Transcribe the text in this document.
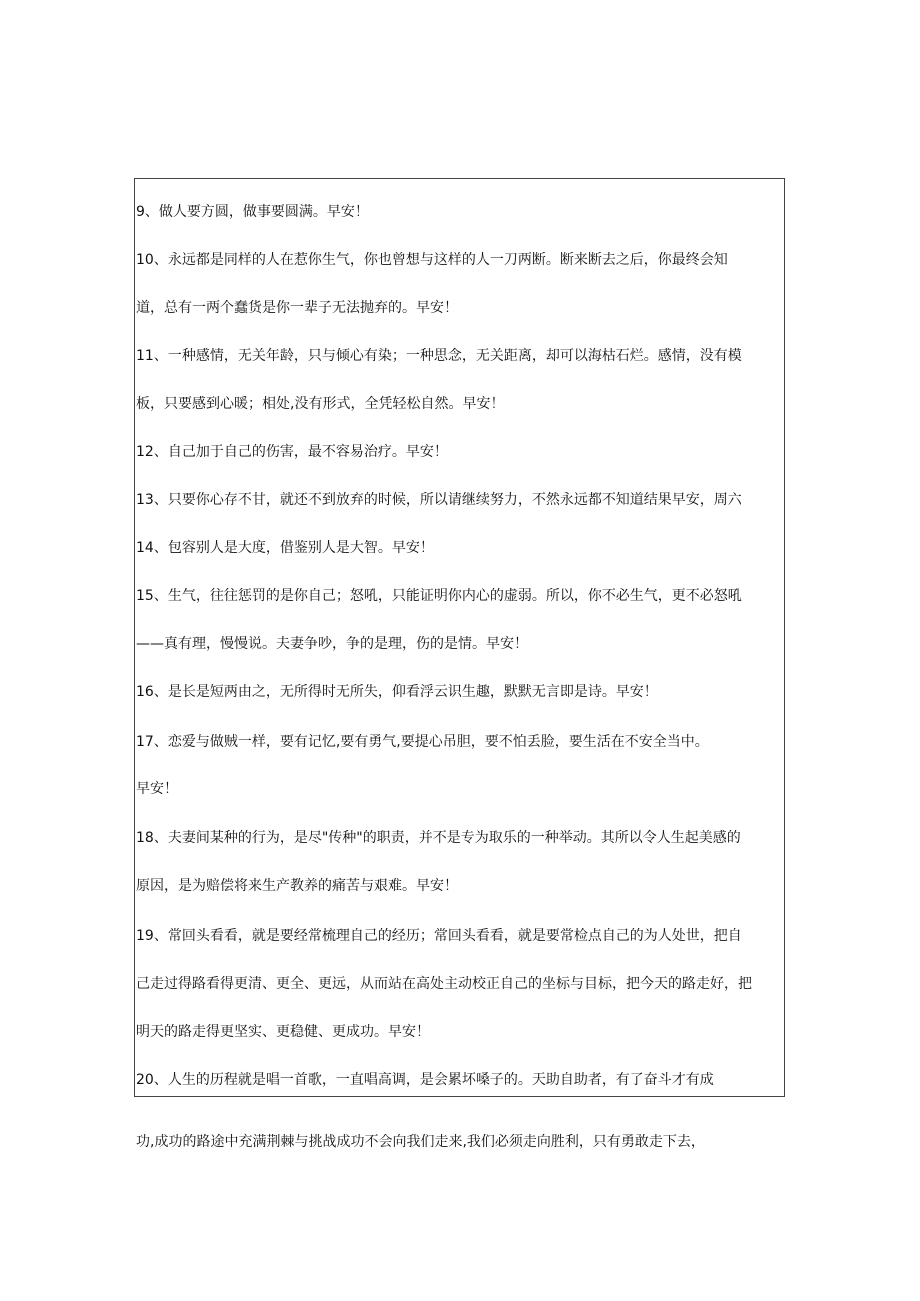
9、做人要方圆，做事要圆满。早安！
10、永远都是同样的人在惹你生气，你也曾想与这样的人一刀两断。断来断去之后，你最终会知
道，总有一两个蠢货是你一辈子无法抛弃的。早安！
11、一种感情，无关年龄，只与倾心有染；一种思念，无关距离，却可以海枯石烂。感情，没有模
板，只要感到心暖；相处,没有形式，全凭轻松自然。早安！
12、自己加于自己的伤害，最不容易治疗。早安！
13、只要你心存不甘，就还不到放弃的时候，所以请继续努力，不然永远都不知道结果早安，周六
14、包容别人是大度，借鉴别人是大智。早安！
15、生气，往往惩罚的是你自己；怒吼，只能证明你内心的虚弱。所以，你不必生气，更不必怒吼
——真有理，慢慢说。夫妻争吵，争的是理，伤的是情。早安！
16、是长是短两由之，无所得时无所失，仰看浮云识生趣，默默无言即是诗。早安！
17、恋爱与做贼一样，要有记忆,要有勇气,要提心吊胆，要不怕丢脸，要生活在不安全当中。
早安！
18、夫妻间某种的行为，是尽"传种"的职责，并不是专为取乐的一种举动。其所以令人生起美感的
原因，是为赔偿将来生产教养的痛苦与艰难。早安！
19、常回头看看，就是要经常梳理自己的经历；常回头看看，就是要常检点自己的为人处世，把自
己走过得路看得更清、更全、更远，从而站在高处主动校正自己的坐标与目标，把今天的路走好，把
明天的路走得更坚实、更稳健、更成功。早安！
20、人生的历程就是唱一首歌，一直唱高调，是会累坏嗓子的。天助自助者，有了奋斗才有成
功,成功的路途中充满荆棘与挑战成功不会向我们走来,我们必须走向胜利，只有勇敢走下去，
